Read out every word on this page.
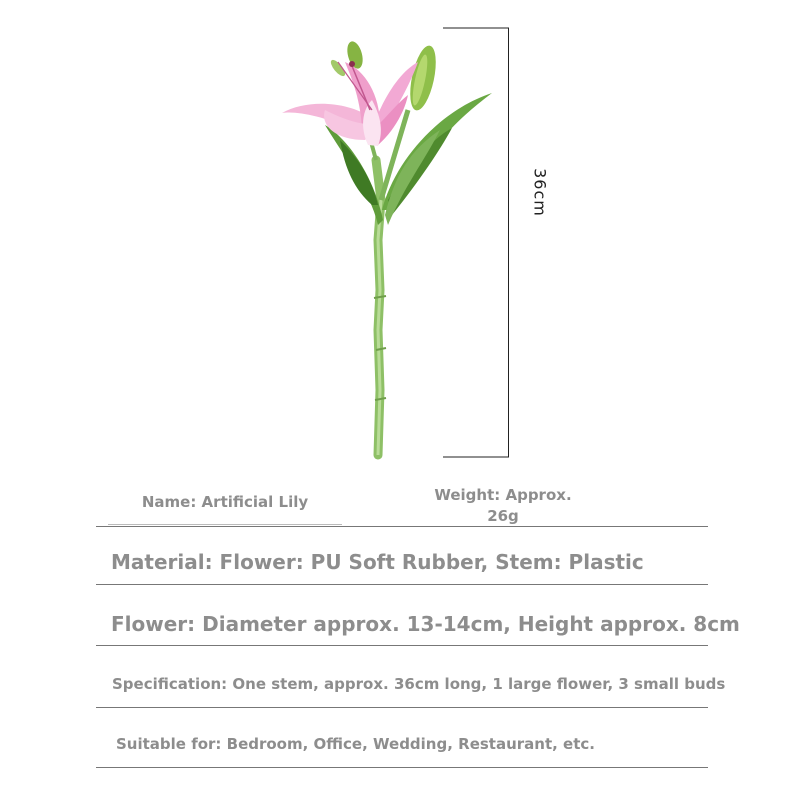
36cm
Name: Artificial Lily	Weight: Approx.
26g
Material: Flower: PU Soft Rubber, Stem: Plastic
Flower: Diameter approx. 13-14cm, Height approx. 8cm
Specification: One stem, approx. 36cm long, 1 large flower, 3 small buds
Suitable for: Bedroom, Office, Wedding, Restaurant, etc.
